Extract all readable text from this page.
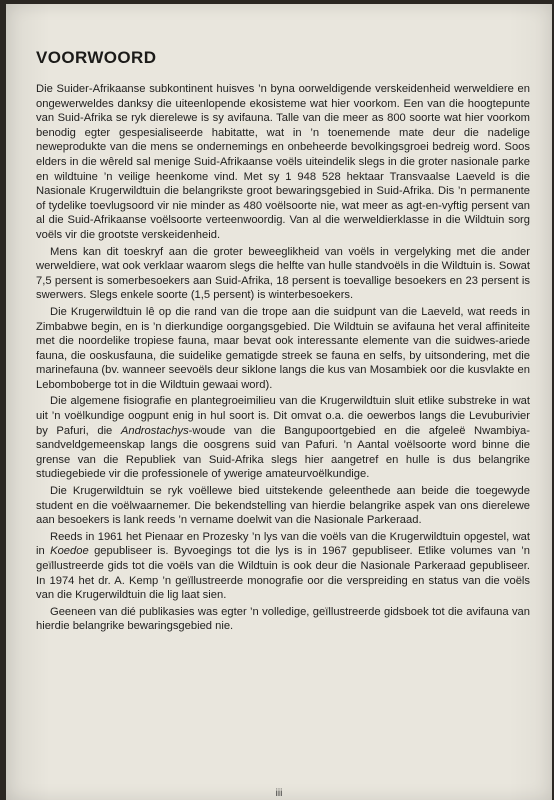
VOORWOORD

Die Suider-Afrikaanse subkontinent huisves ’n byna oorweldigende verskeidenheid werweldiere en ongewerweldes danksy die uiteenlopende ekosisteme wat hier voorkom. Een van die hoogtepunte van Suid-Afrika se ryk dierelewe is sy avifauna. Talle van die meer as 800 soorte wat hier voorkom benodig egter gespesialiseerde habitatte, wat in ’n toenemende mate deur die nadelige neweprodukte van die mens se ondernemings en onbeheerde bevolkingsgroei bedreig word. Soos elders in die wêreld sal menige Suid-Afrikaanse voëls uiteindelik slegs in die groter nasionale parke en wildtuine ’n veilige heenkome vind. Met sy 1 948 528 hektaar Transvaalse Laeveld is die Nasionale Krugerwildtuin die belangrikste groot bewaringsgebied in Suid-Afrika. Dis ’n permanente of tydelike toevlugsoord vir nie minder as 480 voëlsoorte nie, wat meer as agt-en-vyftig persent van al die Suid-Afrikaanse voëlsoorte verteenwoordig. Van al die werweldierklasse in die Wildtuin sorg voëls vir die grootste verskeidenheid.

Mens kan dit toeskryf aan die groter beweeglikheid van voëls in vergelyking met die ander werweldiere, wat ook verklaar waarom slegs die helfte van hulle standvoëls in die Wildtuin is. Sowat 7,5 persent is somerbesoekers aan Suid-Afrika, 18 persent is toevallige besoekers en 23 persent is swerwers. Slegs enkele soorte (1,5 persent) is winterbesoekers.

Die Krugerwildtuin lê op die rand van die trope aan die suidpunt van die Laeveld, wat reeds in Zimbabwe begin, en is ’n dierkundige oorgangsgebied. Die Wildtuin se avifauna het veral affiniteite met die noordelike tropiese fauna, maar bevat ook interessante elemente van die suidwes-ariede fauna, die ooskusfauna, die suidelike gematigde streek se fauna en selfs, by uitsondering, met die marinefauna (bv. wanneer seevoëls deur siklone langs die kus van Mosambiek oor die kusvlakte en Lebomboberge tot in die Wildtuin gewaai word).

Die algemene fisiografie en plantegroeimilieu van die Krugerwildtuin sluit etlike substreke in wat uit ’n voëlkundige oogpunt enig in hul soort is. Dit omvat o.a. die oewerbos langs die Levuburivier by Pafuri, die Androstachys-woude van die Bangupoortgebied en die afgeleë Nwambiya-sandveldgemeenskap langs die oosgrens suid van Pafuri. ’n Aantal voëlsoorte word binne die grense van die Republiek van Suid-Afrika slegs hier aangetref en hulle is dus belangrike studiegebiede vir die professionele of ywerige amateurvoëlkundige.

Die Krugerwildtuin se ryk voëllewe bied uitstekende geleenthede aan beide die toegewyde student en die voëlwaarnemer. Die bekendstelling van hierdie belangrike aspek van ons dierelewe aan besoekers is lank reeds ’n vername doelwit van die Nasionale Parkeraad.

Reeds in 1961 het Pienaar en Prozesky ’n lys van die voëls van die Krugerwildtuin opgestel, wat in Koedoe gepubliseer is. Byvoegings tot die lys is in 1967 gepubliseer. Etlike volumes van ’n geïllustreerde gids tot die voëls van die Wildtuin is ook deur die Nasionale Parkeraad gepubliseer. In 1974 het dr. A. Kemp ’n geïllustreerde monografie oor die verspreiding en status van die voëls van die Krugerwildtuin die lig laat sien.

Geeneen van dié publikasies was egter ’n volledige, geïllustreerde gidsboek tot die avifauna van hierdie belangrike bewaringsgebied nie.

iii
